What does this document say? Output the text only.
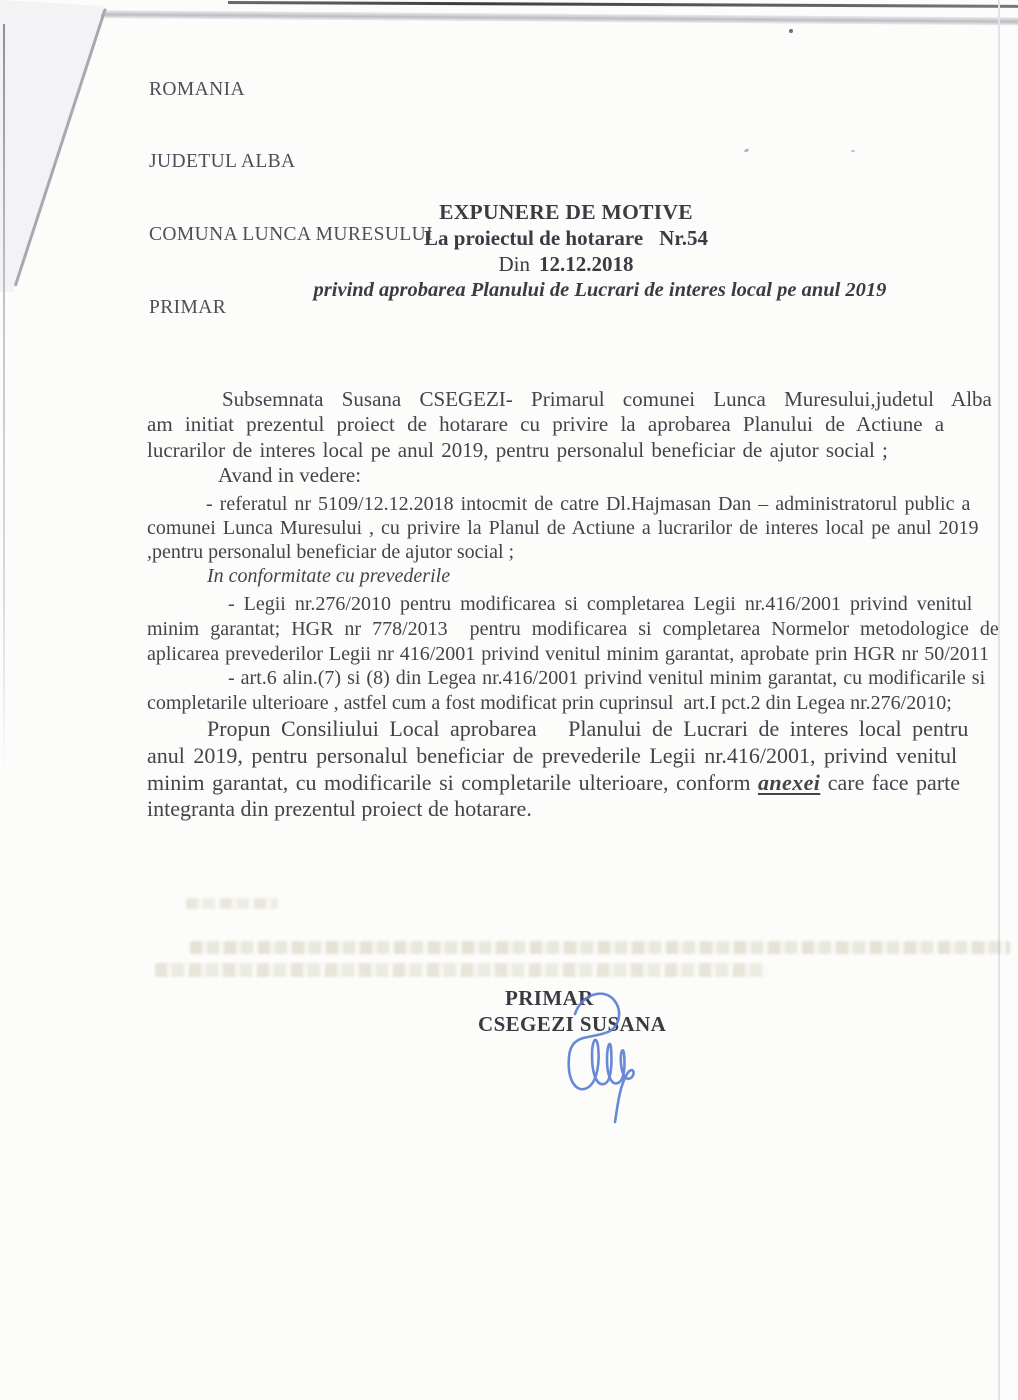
ROMANIA

JUDETUL ALBA

COMUNA LUNCA MURESULUI

PRIMAR

EXPUNERE DE MOTIVE
La proiectul de hotarare Nr.54
Din 12.12.2018
privind aprobarea Planului de Lucrari de interes local pe anul 2019
Subsemnata Susana CSEGEZI- Primarul comunei Lunca Muresului,judetul Alba
am initiat prezentul proiect de hotarare cu privire la aprobarea Planului de Actiune a
lucrarilor de interes local pe anul 2019, pentru personalul beneficiar de ajutor social ;
Avand in vedere:
- referatul nr 5109/12.12.2018 intocmit de catre Dl.Hajmasan Dan – administratorul public a
comunei Lunca Muresului , cu privire la Planul de Actiune a lucrarilor de interes local pe anul 2019
,pentru personalul beneficiar de ajutor social ;
In conformitate cu prevederile
- Legii nr.276/2010 pentru modificarea si completarea Legii nr.416/2001 privind venitul
minim garantat; HGR nr 778/2013  pentru modificarea si completarea Normelor metodologice de
aplicarea prevederilor Legii nr 416/2001 privind venitul minim garantat, aprobate prin HGR nr 50/2011
- art.6 alin.(7) si (8) din Legea nr.416/2001 privind venitul minim garantat, cu modificarile si
completarile ulterioare , astfel cum a fost modificat prin cuprinsul  art.I pct.2 din Legea nr.276/2010;
Propun Consiliului Local aprobarea   Planului de Lucrari de interes local pentru
anul 2019, pentru personalul beneficiar de prevederile Legii nr.416/2001, privind venitul
minim garantat, cu modificarile si completarile ulterioare, conform anexei care face parte
integranta din prezentul proiect de hotarare.
PRIMAR
CSEGEZI SUSANA
